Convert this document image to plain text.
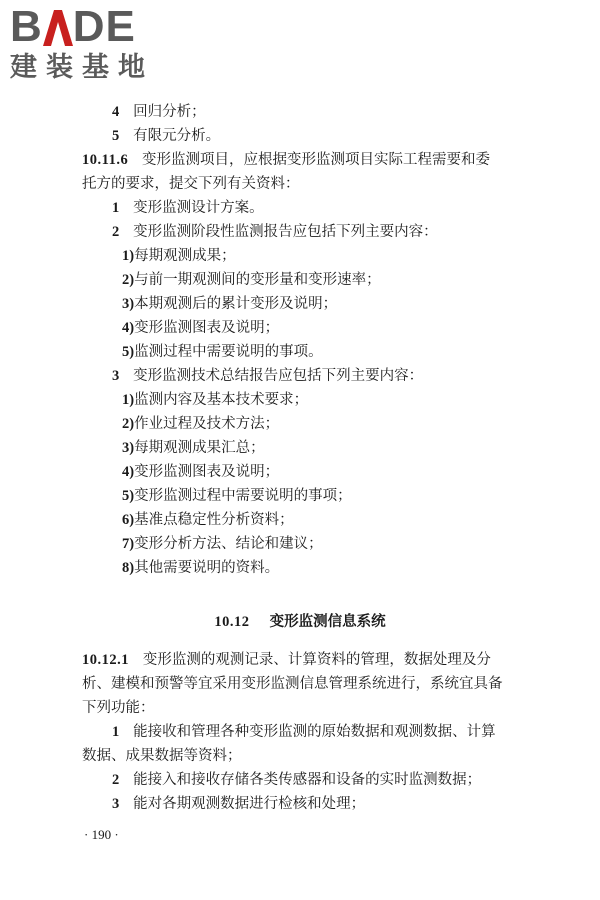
B DE
建装基地
4 回归分析；
5 有限元分析。
10.11.6 变形监测项目，应根据变形监测项目实际工程需要和委
托方的要求，提交下列有关资料：
1 变形监测设计方案。
2 变形监测阶段性监测报告应包括下列主要内容：
1)每期观测成果；
2)与前一期观测间的变形量和变形速率；
3)本期观测后的累计变形及说明；
4)变形监测图表及说明；
5)监测过程中需要说明的事项。
3 变形监测技术总结报告应包括下列主要内容：
1)监测内容及基本技术要求；
2)作业过程及技术方法；
3)每期观测成果汇总；
4)变形监测图表及说明；
5)变形监测过程中需要说明的事项；
6)基准点稳定性分析资料；
7)变形分析方法、结论和建议；
8)其他需要说明的资料。
10.12 变形监测信息系统
10.12.1 变形监测的观测记录、计算资料的管理，数据处理及分
析、建模和预警等宜采用变形监测信息管理系统进行，系统宜具备
下列功能：
1 能接收和管理各种变形监测的原始数据和观测数据、计算
数据、成果数据等资料；
2 能接入和接收存储各类传感器和设备的实时监测数据；
3 能对各期观测数据进行检核和处理；
· 190 ·
